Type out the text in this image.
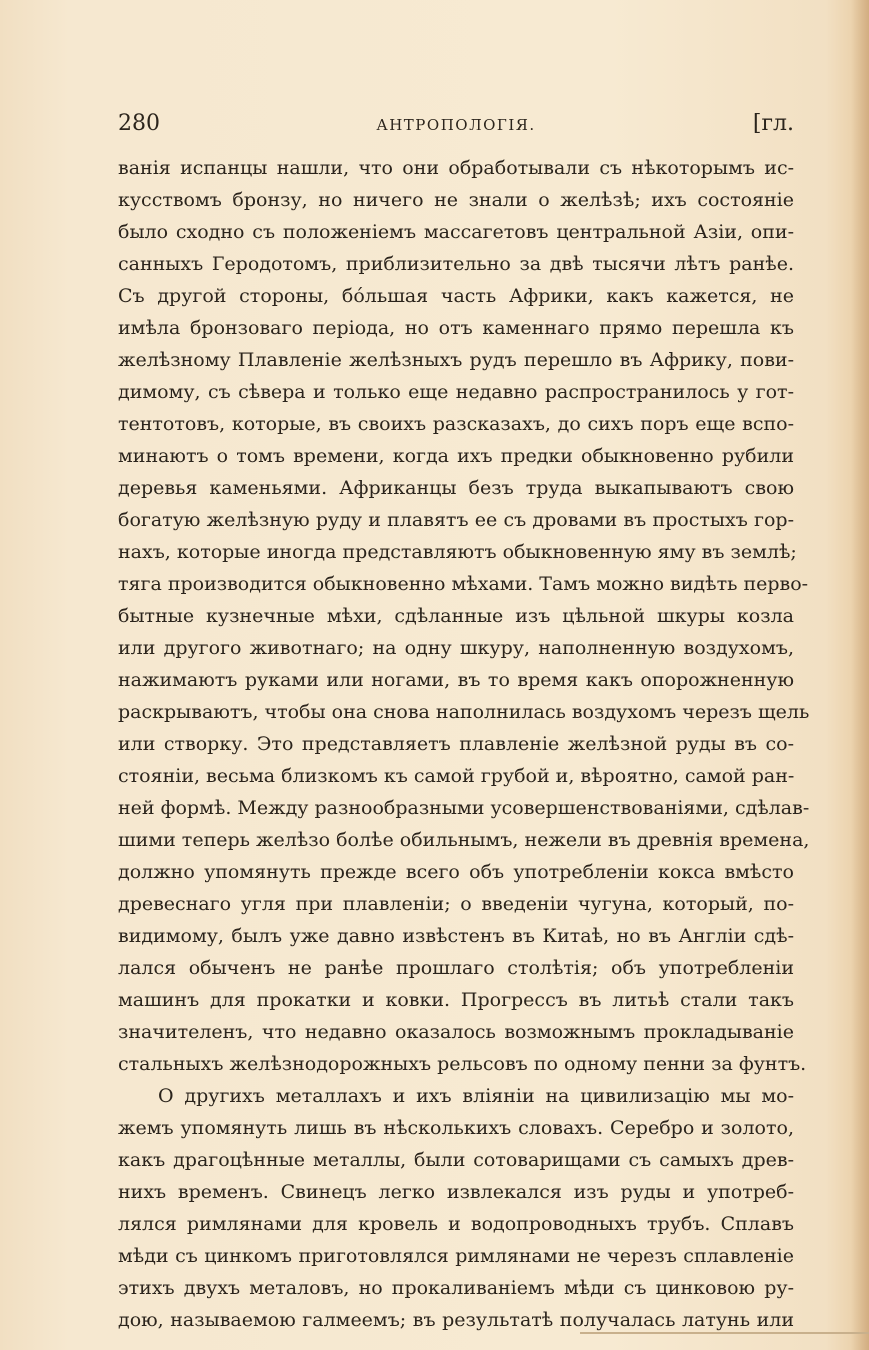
280	АНТРОПОЛОГІЯ.	[гл.
ванія испанцы нашли, что они обработывали съ нѣкоторымъ ис-
кусствомъ бронзу, но ничего не знали о желѣзѣ; ихъ состояніе
было сходно съ положеніемъ массагетовъ центральной Азіи, опи-
санныхъ Геродотомъ, приблизительно за двѣ тысячи лѣтъ ранѣе.
Съ другой стороны, бóльшая часть Африки, какъ кажется, не
имѣла бронзоваго періода, но отъ каменнаго прямо перешла къ
желѣзному Плавленіе желѣзныхъ рудъ перешло въ Африку, пови-
димому, съ сѣвера и только еще недавно распространилось у гот-
тентотовъ, которые, въ своихъ разсказахъ, до сихъ поръ еще вспо-
минаютъ о томъ времени, когда ихъ предки обыкновенно рубили
деревья каменьями. Африканцы безъ труда выкапываютъ свою
богатую желѣзную руду и плавятъ ее съ дровами въ простыхъ гор-
нахъ, которые иногда представляютъ обыкновенную яму въ землѣ;
тяга производится обыкновенно мѣхами. Тамъ можно видѣть перво-
бытные кузнечные мѣхи, сдѣланные изъ цѣльной шкуры козла
или другого животнаго; на одну шкуру, наполненную воздухомъ,
нажимаютъ руками или ногами, въ то время какъ опорожненную
раскрываютъ, чтобы она снова наполнилась воздухомъ черезъ щель
или створку. Это представляетъ плавленіе желѣзной руды въ со-
стояніи, весьма близкомъ къ самой грубой и, вѣроятно, самой ран-
ней формѣ. Между разнообразными усовершенствованіями, сдѣлав-
шими теперь желѣзо болѣе обильнымъ, нежели въ древнія времена,
должно упомянуть прежде всего объ употребленіи кокса вмѣсто
древеснаго угля при плавленіи; о введеніи чугуна, который, по-
видимому, былъ уже давно извѣстенъ въ Китаѣ, но въ Англіи сдѣ-
лался обыченъ не ранѣе прошлаго столѣтія; объ употребленіи
машинъ для прокатки и ковки. Прогрессъ въ литьѣ стали такъ
значителенъ, что недавно оказалось возможнымъ прокладываніе
стальныхъ желѣзнодорожныхъ рельсовъ по одному пенни за фунтъ.
О другихъ металлахъ и ихъ вліяніи на цивилизацію мы мо-
жемъ упомянуть лишь въ нѣсколькихъ словахъ. Серебро и золото,
какъ драгоцѣнные металлы, были сотоварищами съ самыхъ древ-
нихъ временъ. Свинецъ легко извлекался изъ руды и употреб-
лялся римлянами для кровель и водопроводныхъ трубъ. Сплавъ
мѣди съ цинкомъ приготовлялся римлянами не черезъ сплавленіе
этихъ двухъ металовъ, но прокаливаніемъ мѣди съ цинковою ру-
дою, называемою галмеемъ; въ результатѣ получалась латунь или
